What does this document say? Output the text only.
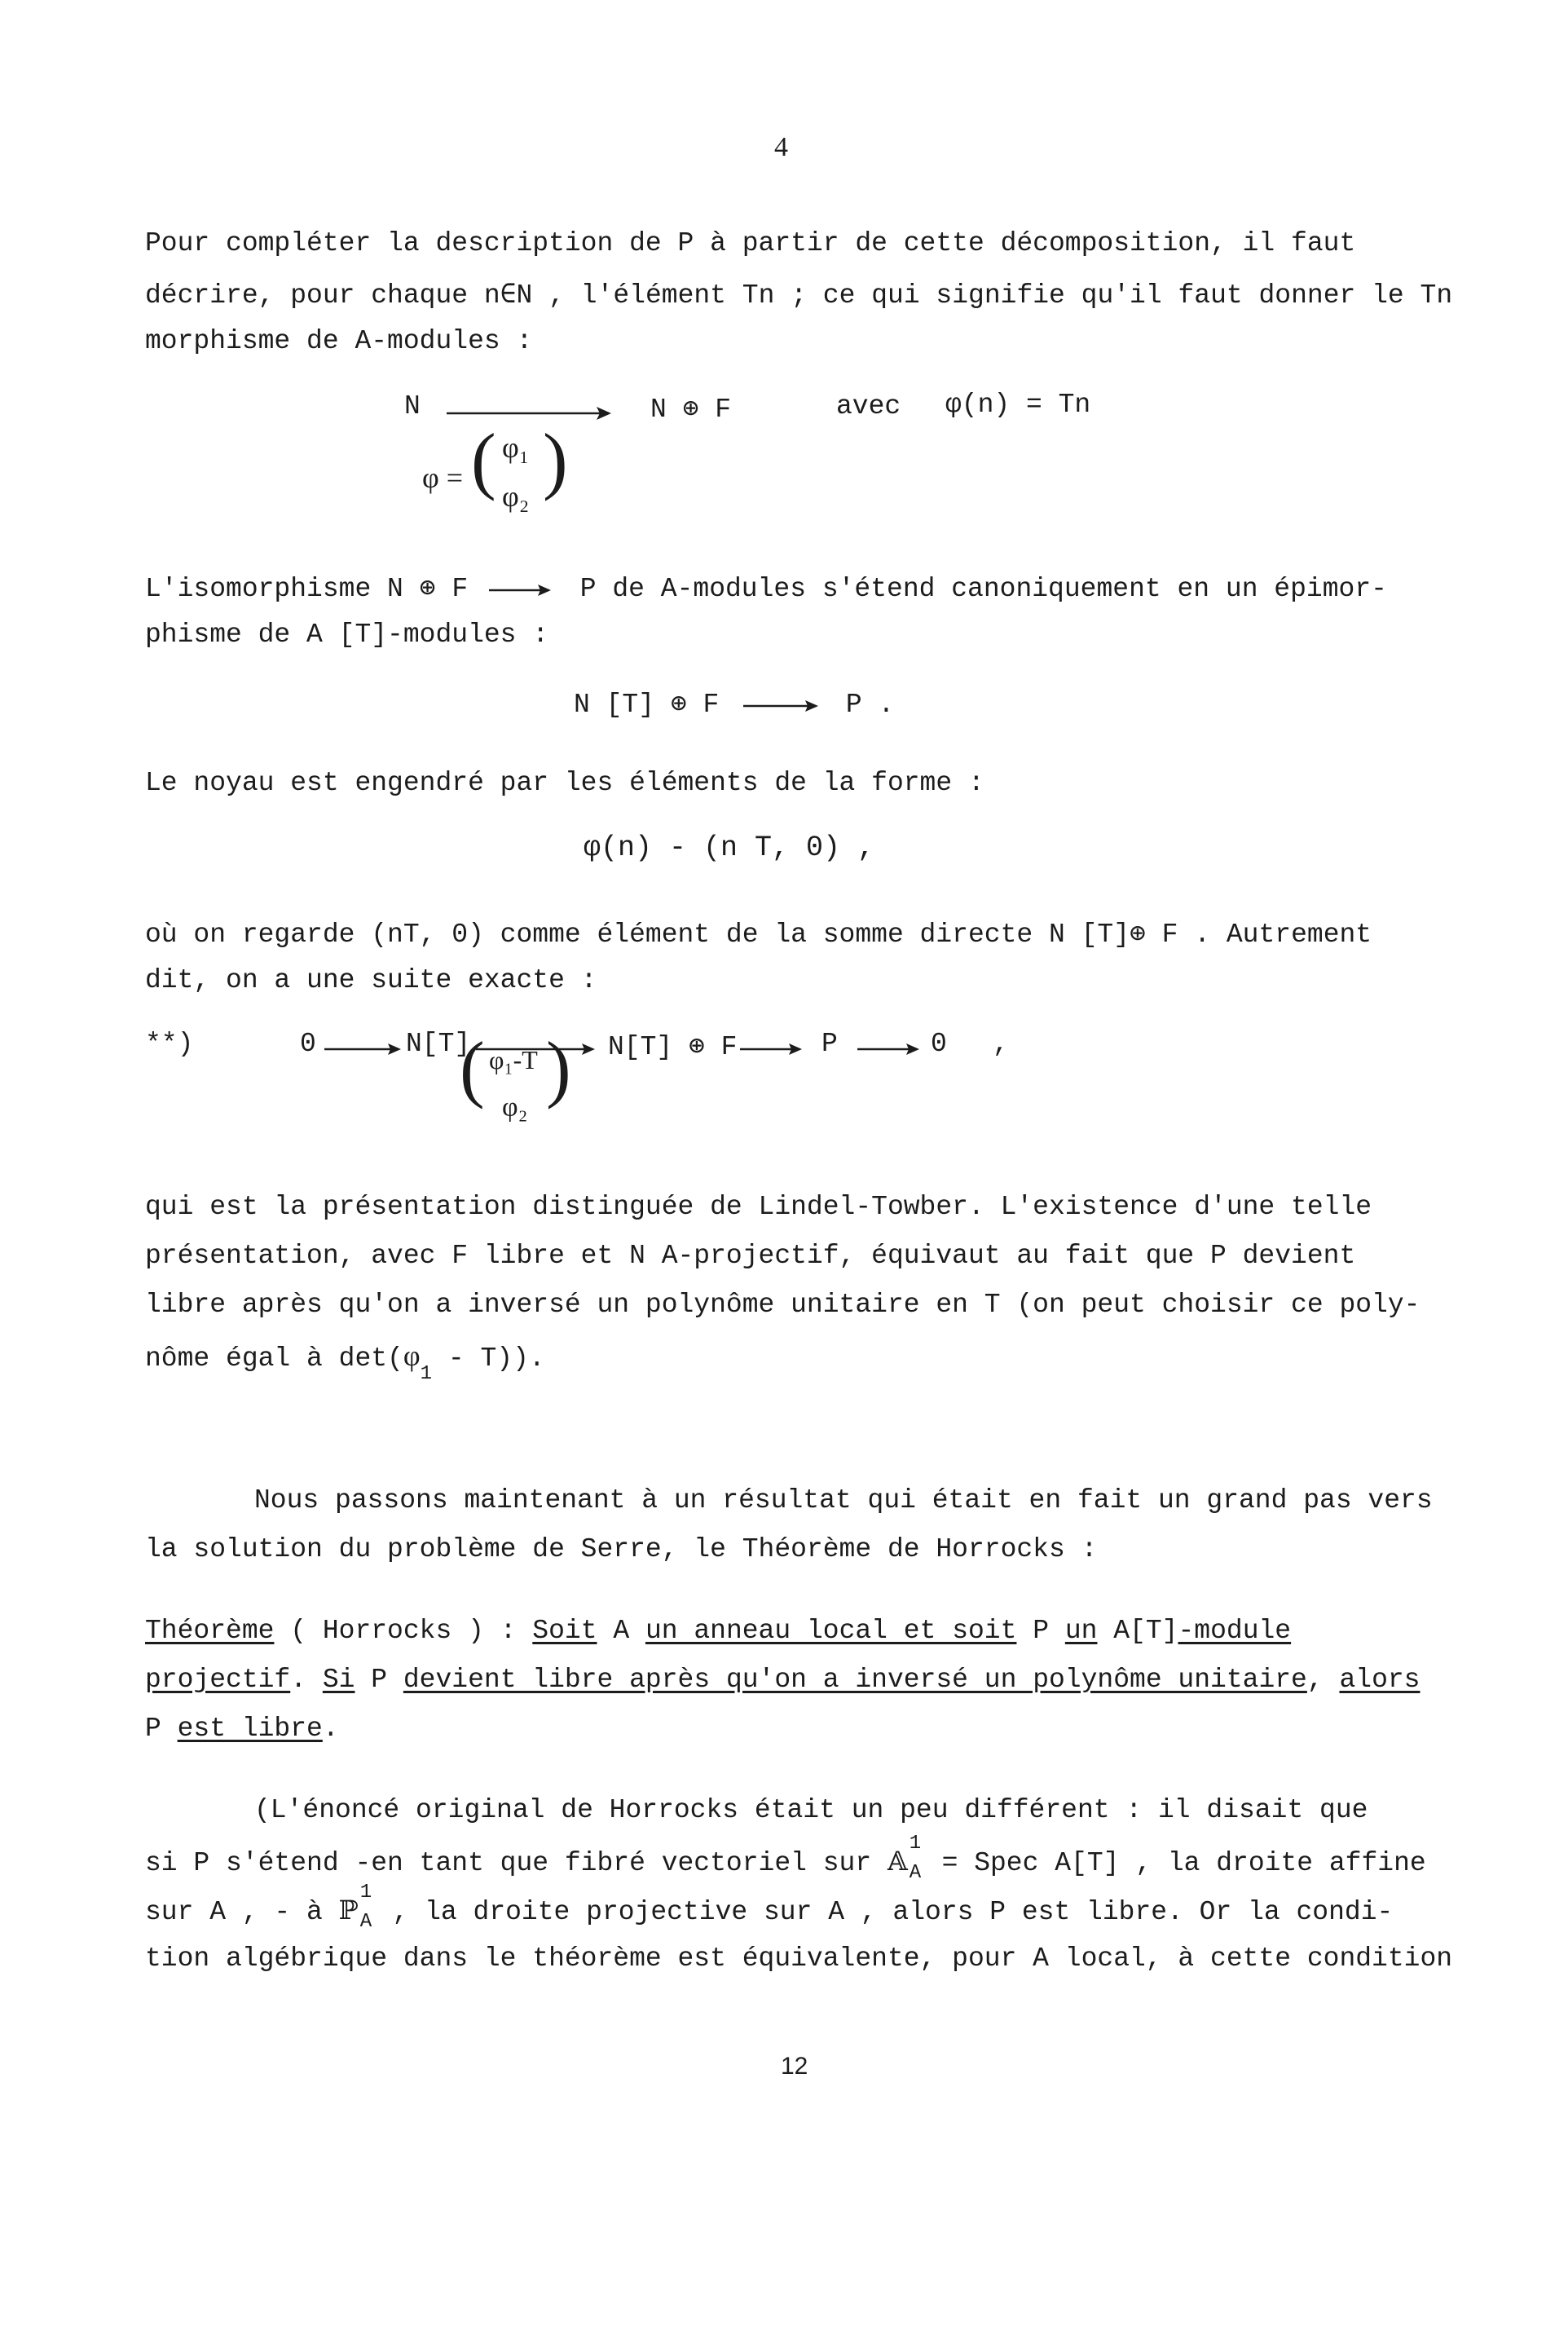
4
Pour compléter la description de P à partir de cette décomposition, il faut
décrire, pour chaque n∈N , l'élément Tn ; ce qui signifie qu'il faut donner le Tn
morphisme de A-modules :
N	N ⊕ F
φ = ( φ₁
φ₂ )
avec φ(n) = Tn
L'isomorphisme N ⊕ F	P de A-modules s'étend canoniquement en un épimor-
phisme de A [T]-modules :
N [T] ⊕ F	P .
Le noyau est engendré par les éléments de la forme :
φ(n) - (n T, 0) ,
où on regarde (nT, 0) comme élément de la somme directe N [T]⊕ F . Autrement
dit, on a une suite exacte :
**)	0	N[T]
( φ₁-T
φ₂ ) N[T] ⊕ F	P	0 ,
qui est la présentation distinguée de Lindel-Towber. L'existence d'une telle
présentation, avec F libre et N A-projectif, équivaut au fait que P devient
libre après qu'on a inversé un polynôme unitaire en T (on peut choisir ce poly-
nôme égal à $\det(\varphi_1 - T)$).
Nous passons maintenant à un résultat qui était en fait un grand pas vers
la solution du problème de Serre, le Théorème de Horrocks :
Théorème ( Horrocks ) : Soit A un anneau local et soit P un A[T]-module
projectif. Si P devient libre après qu'on a inversé un polynôme unitaire, alors
P est libre.
(L'énoncé original de Horrocks était un peu différent : il disait que
si P s'étend -en tant que fibré vectoriel sur 𝔸
1
A = Spec A[T] , la droite affine
sur A , - à ℙ
1
A , la droite projective sur A , alors P est libre. Or la condi-
tion algébrique dans le théorème est équivalente, pour A local, à cette condition
12
